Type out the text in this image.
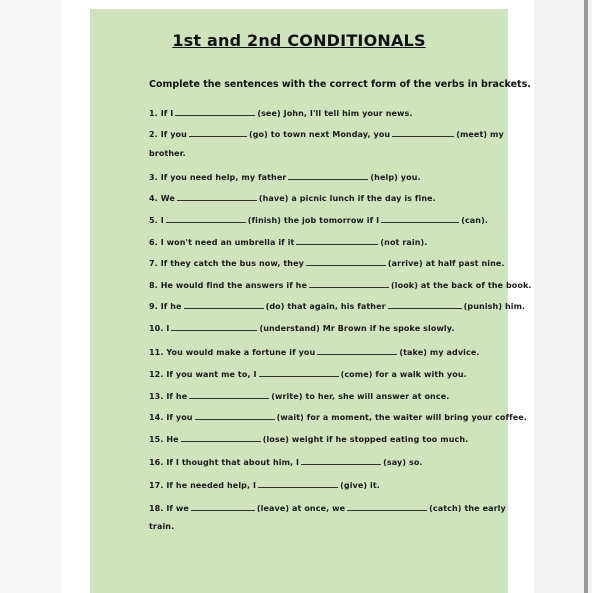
1st and 2nd CONDITIONALS
Complete the sentences with the correct form of the verbs in brackets.
1. If I	(see) John, I'll tell him your news.
2. If you	(go) to town next Monday, you	(meet) my
brother.
3. If you need help, my father	(help) you.
4. We	(have) a picnic lunch if the day is fine.
5. I	(finish) the job tomorrow if I	(can).
6. I won't need an umbrella if it	(not rain).
7. If they catch the bus now, they	(arrive) at half past nine.
8. He would find the answers if he	(look) at the back of the book.
9. If he	(do) that again, his father	(punish) him.
10. I	(understand) Mr Brown if he spoke slowly.
11. You would make a fortune if you	(take) my advice.
12. If you want me to, I	(come) for a walk with you.
13. If he	(write) to her, she will answer at once.
14. If you	(wait) for a moment, the waiter will bring your coffee.
15. He	(lose) weight if he stopped eating too much.
16. If I thought that about him, I	(say) so.
17. If he needed help, I	(give) it.
18. If we	(leave) at once, we	(catch) the early
train.
